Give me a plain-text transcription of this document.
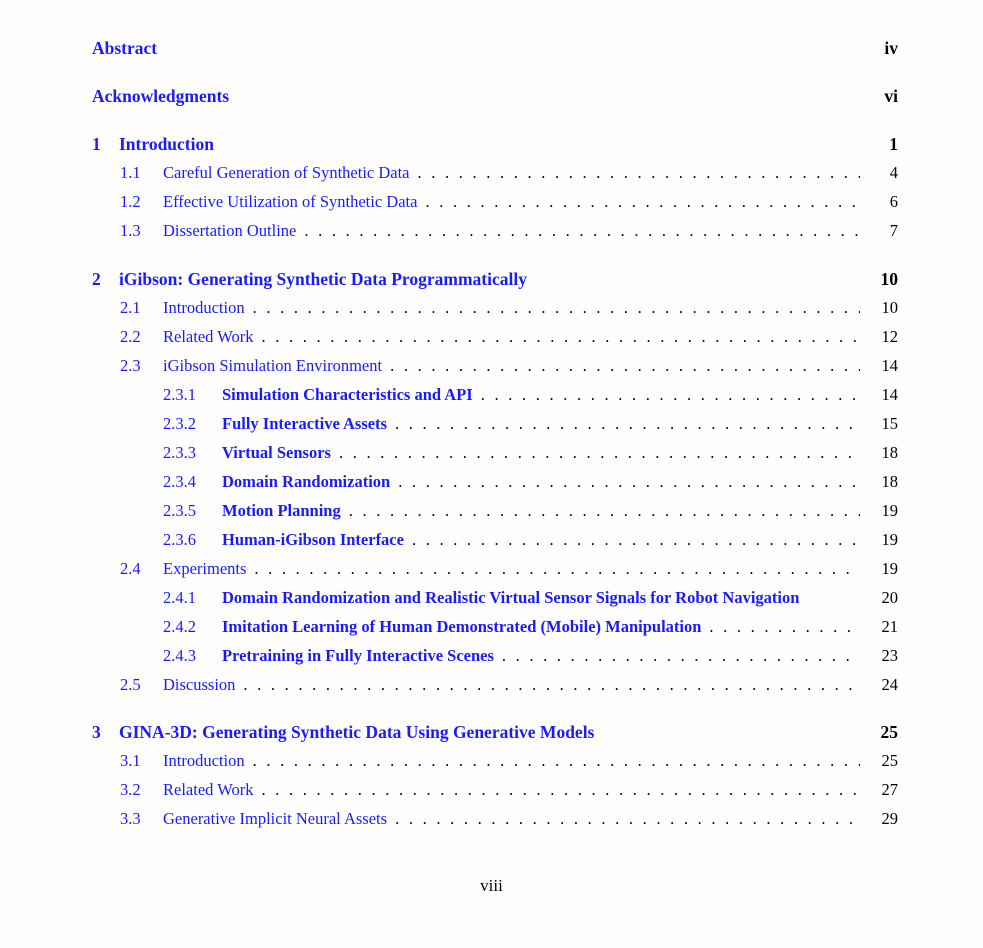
Abstract	iv
Acknowledgments	vi
1	Introduction	1
1.1	Careful Generation of Synthetic Data . . .	4
1.2	Effective Utilization of Synthetic Data . . .	6
1.3	Dissertation Outline . . .	7
2	iGibson: Generating Synthetic Data Programmatically	10
2.1	Introduction . . .	10
2.2	Related Work . . .	12
2.3	iGibson Simulation Environment . . .	14
2.3.1	Simulation Characteristics and API . . .	14
2.3.2	Fully Interactive Assets . . .	15
2.3.3	Virtual Sensors . . .	18
2.3.4	Domain Randomization . . .	18
2.3.5	Motion Planning . . .	19
2.3.6	Human-iGibson Interface . . .	19
2.4	Experiments . . .	19
2.4.1	Domain Randomization and Realistic Virtual Sensor Signals for Robot Navigation	20
2.4.2	Imitation Learning of Human Demonstrated (Mobile) Manipulation . . .	21
2.4.3	Pretraining in Fully Interactive Scenes . . .	23
2.5	Discussion . . .	24
3	GINA-3D: Generating Synthetic Data Using Generative Models	25
3.1	Introduction . . .	25
3.2	Related Work . . .	27
3.3	Generative Implicit Neural Assets . . .	29
viii
